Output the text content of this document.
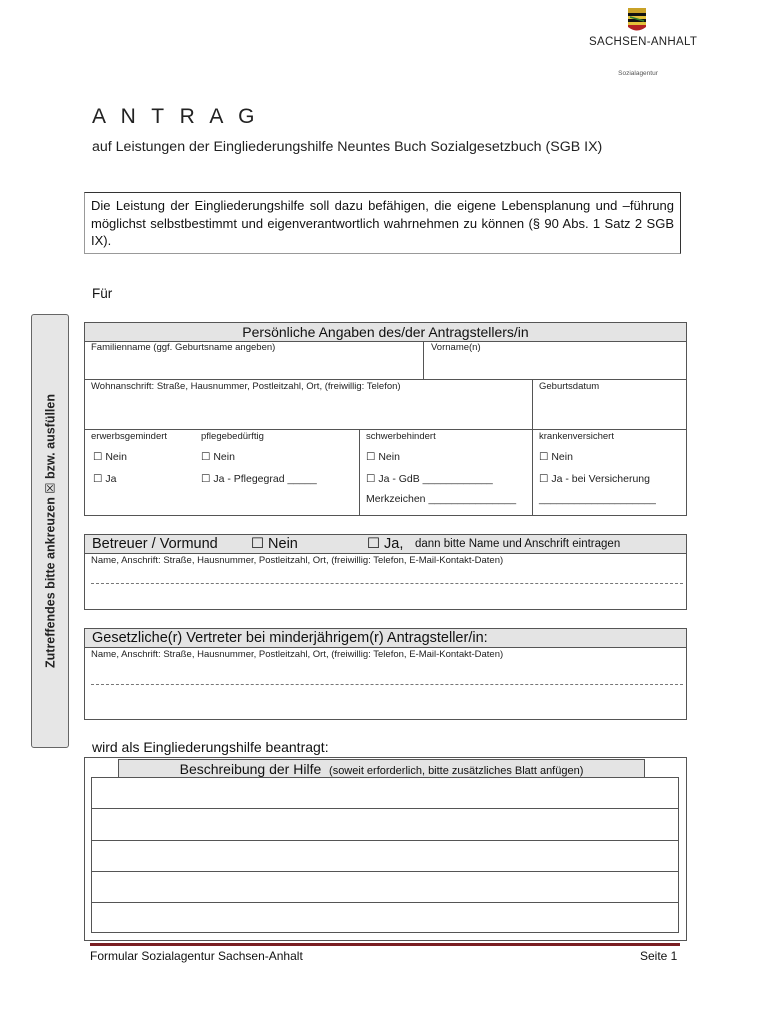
SACHSEN-ANHALT
Sozialagentur
A N T R A G
auf Leistungen der Eingliederungshilfe Neuntes Buch Sozialgesetzbuch (SGB IX)
Die Leistung der Eingliederungshilfe soll dazu befähigen, die eigene Lebensplanung und –führung möglichst selbstbestimmt und eigenverantwortlich wahrnehmen zu können (§ 90 Abs. 1 Satz 2 SGB IX).
Für
Zutreffendes bitte ankreuzen ☒ bzw. ausfüllen
Persönliche Angaben des/der Antragstellers/in
Familienname (ggf. Geburtsname angeben)	Vorname(n)
Wohnanschrift: Straße, Hausnummer, Postleitzahl, Ort, (freiwillig: Telefon)	Geburtsdatum
erwerbsgemindert
☐ Nein
☐ Ja
pflegebedürftig
☐ Nein
☐ Ja - Pflegegrad _____
schwerbehindert
☐ Nein
☐ Ja - GdB ____________
Merkzeichen _______________
krankenversichert
☐ Nein
☐ Ja - bei Versicherung
____________________
Betreuer / Vormund ☐ Nein	☐ Ja, dann bitte Name und Anschrift eintragen
Name, Anschrift: Straße, Hausnummer, Postleitzahl, Ort, (freiwillig: Telefon, E-Mail-Kontakt-Daten)
Gesetzliche(r) Vertreter bei minderjährigem(r) Antragsteller/in:
Name, Anschrift: Straße, Hausnummer, Postleitzahl, Ort, (freiwillig: Telefon, E-Mail-Kontakt-Daten)
wird als Eingliederungshilfe beantragt:
Beschreibung der Hilfe (soweit erforderlich, bitte zusätzliches Blatt anfügen)
Formular Sozialagentur Sachsen-Anhalt	Seite 1
